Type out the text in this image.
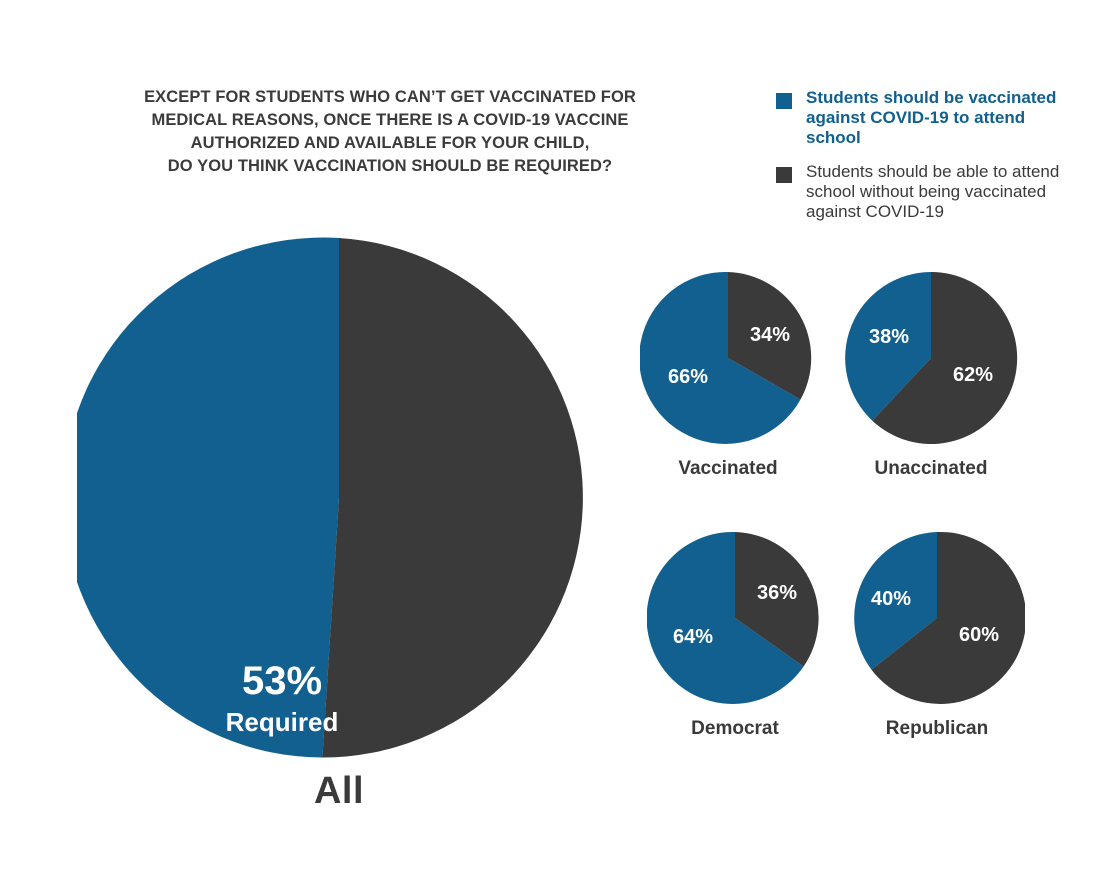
EXCEPT FOR STUDENTS WHO CAN’T GET VACCINATED FOR
MEDICAL REASONS, ONCE THERE IS A COVID-19 VACCINE
AUTHORIZED AND AVAILABLE FOR YOUR CHILD,
DO YOU THINK VACCINATION SHOULD BE REQUIRED?
Students should be vaccinated against COVID-19 to attend school
Students should be able to attend school without being vaccinated against COVID-19
53%
Required	47%
Not
Required
All
66%
34%
Vaccinated
38%
62%
Unaccinated
64%
36%
Democrat
40%
60%
Republican
